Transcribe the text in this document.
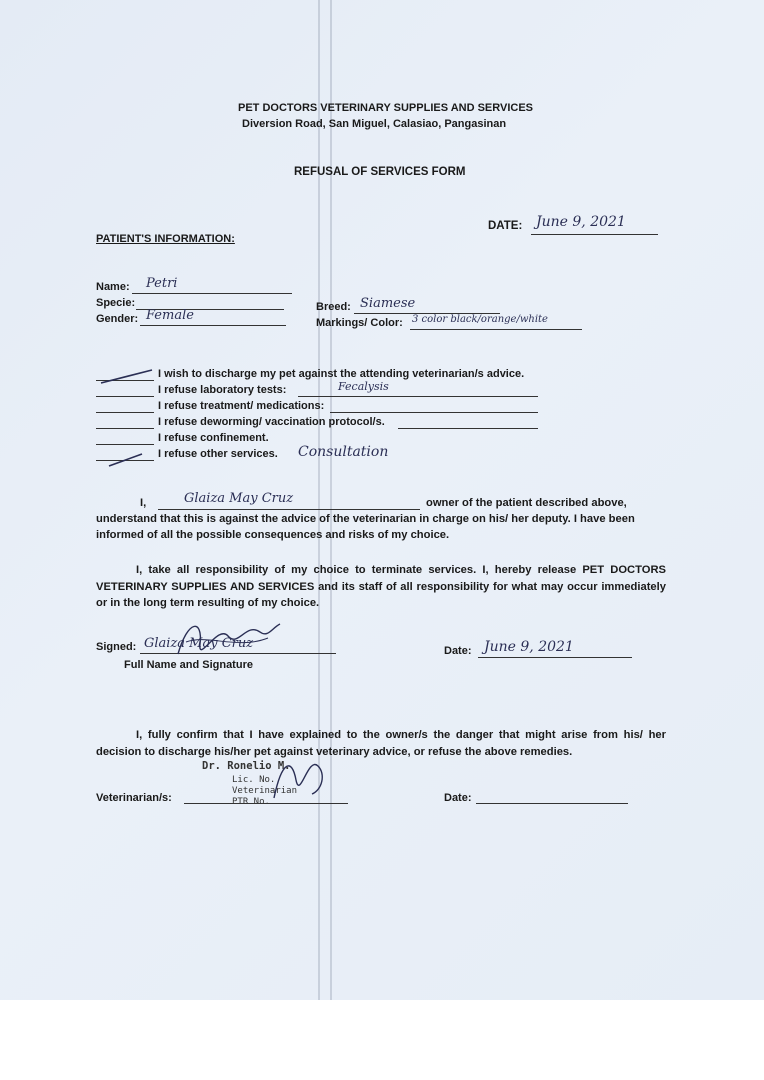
PET DOCTORS VETERINARY SUPPLIES AND SERVICES
Diversion Road, San Miguel, Calasiao, Pangasinan
REFUSAL OF SERVICES FORM
DATE: June 9, 2021
PATIENT'S INFORMATION:
Name: Petri
Specie:
Gender: Female
Breed: Siamese
Markings/ Color: 3 color black/orange/white
I wish to discharge my pet against the attending veterinarian/s advice.
I refuse laboratory tests:	Fecalysis
I refuse treatment/ medications:
I refuse deworming/ vaccination protocol/s.
I refuse confinement.
I refuse other services. Consultation
I,	Glaiza May Cruz	owner of the patient described above,
understand that this is against the advice of the veterinarian in charge on his/ her deputy. I have been
informed of all the possible consequences and risks of my choice.
I, take all responsibility of my choice to terminate services. I, hereby release PET DOCTORS VETERINARY SUPPLIES AND SERVICES and its staff of all responsibility for what may occur immediately or in the long term resulting of my choice.
Signed: Glaiza May Cruz
Full Name and Signature
Date: June 9, 2021
I, fully confirm that I have explained to the owner/s the danger that might arise from his/ her decision to discharge his/her pet against veterinary advice, or refuse the above remedies.
Dr. Ronelio M.
Lic. No.
Veterinarian
PTR No.
Veterinarian/s:	Date:
